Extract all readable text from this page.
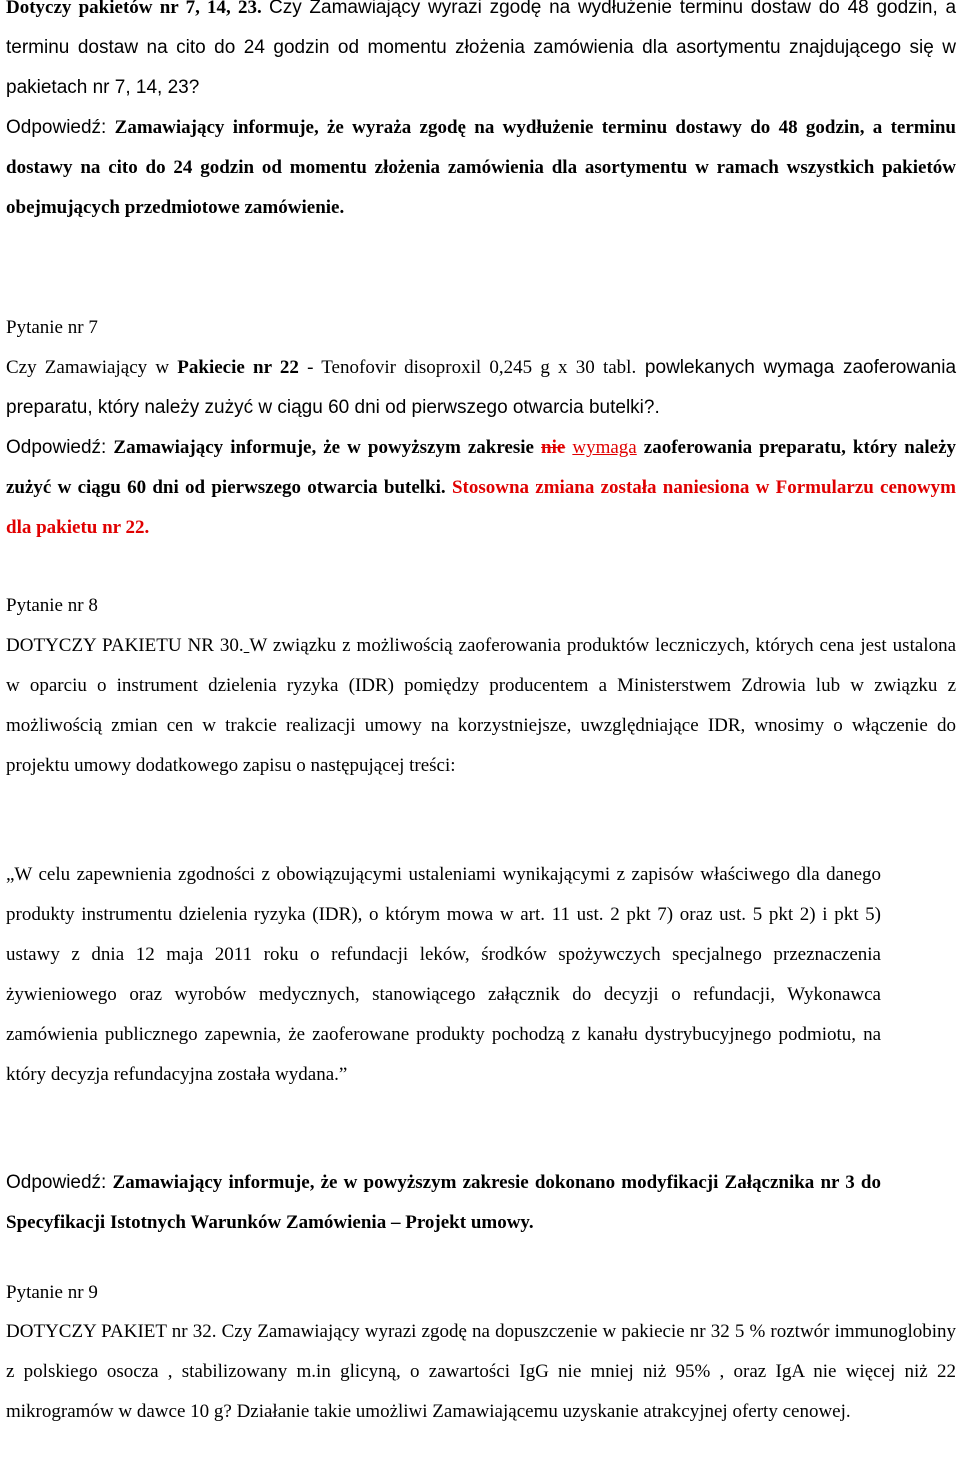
Dotyczy pakietów nr 7, 14, 23. Czy Zamawiający wyrazi zgodę na wydłużenie terminu dostaw do 48 godzin, a terminu dostaw na cito do 24 godzin od momentu złożenia zamówienia dla asortymentu znajdującego się w pakietach nr 7, 14, 23?

Odpowiedź: Zamawiający informuje, że wyraża zgodę na wydłużenie terminu dostawy do 48 godzin, a terminu dostawy na cito do 24 godzin od momentu złożenia zamówienia dla asortymentu w ramach wszystkich pakietów obejmujących przedmiotowe zamówienie.

Pytanie nr 7

Czy Zamawiający w Pakiecie nr 22 - Tenofovir disoproxil 0,245 g x 30 tabl. powlekanych wymaga zaoferowania preparatu, który należy zużyć w ciągu 60 dni od pierwszego otwarcia butelki?.

Odpowiedź: Zamawiający informuje, że w powyższym zakresie nie wymaga zaoferowania preparatu, który należy zużyć w ciągu 60 dni od pierwszego otwarcia butelki. Stosowna zmiana została naniesiona w Formularzu cenowym dla pakietu nr 22.

Pytanie nr 8

DOTYCZY PAKIETU NR 30. W związku z możliwością zaoferowania produktów leczniczych, których cena jest ustalona w oparciu o instrument dzielenia ryzyka (IDR) pomiędzy producentem a Ministerstwem Zdrowia lub w związku z możliwością zmian cen w trakcie realizacji umowy na korzystniejsze, uwzględniające IDR, wnosimy o włączenie do projektu umowy dodatkowego zapisu o następującej treści:

„W celu zapewnienia zgodności z obowiązującymi ustaleniami wynikającymi z zapisów właściwego dla danego produkty instrumentu dzielenia ryzyka (IDR), o którym mowa w art. 11 ust. 2 pkt 7) oraz ust. 5 pkt 2) i pkt 5) ustawy z dnia 12 maja 2011 roku o refundacji leków, środków spożywczych specjalnego przeznaczenia żywieniowego oraz wyrobów medycznych, stanowiącego załącznik do decyzji o refundacji, Wykonawca zamówienia publicznego zapewnia, że zaoferowane produkty pochodzą z kanału dystrybucyjnego podmiotu, na który decyzja refundacyjna została wydana.”

Odpowiedź: Zamawiający informuje, że w powyższym zakresie dokonano modyfikacji Załącznika nr 3 do Specyfikacji Istotnych Warunków Zamówienia – Projekt umowy.

Pytanie nr 9

DOTYCZY PAKIET nr 32. Czy Zamawiający wyrazi zgodę na dopuszczenie w pakiecie nr 32 5 % roztwór immunoglobiny z polskiego osocza , stabilizowany m.in glicyną, o zawartości IgG nie mniej niż 95% , oraz IgA nie więcej niż 22 mikrogramów w dawce 10 g? Działanie takie umożliwi Zamawiającemu uzyskanie atrakcyjnej oferty cenowej.
